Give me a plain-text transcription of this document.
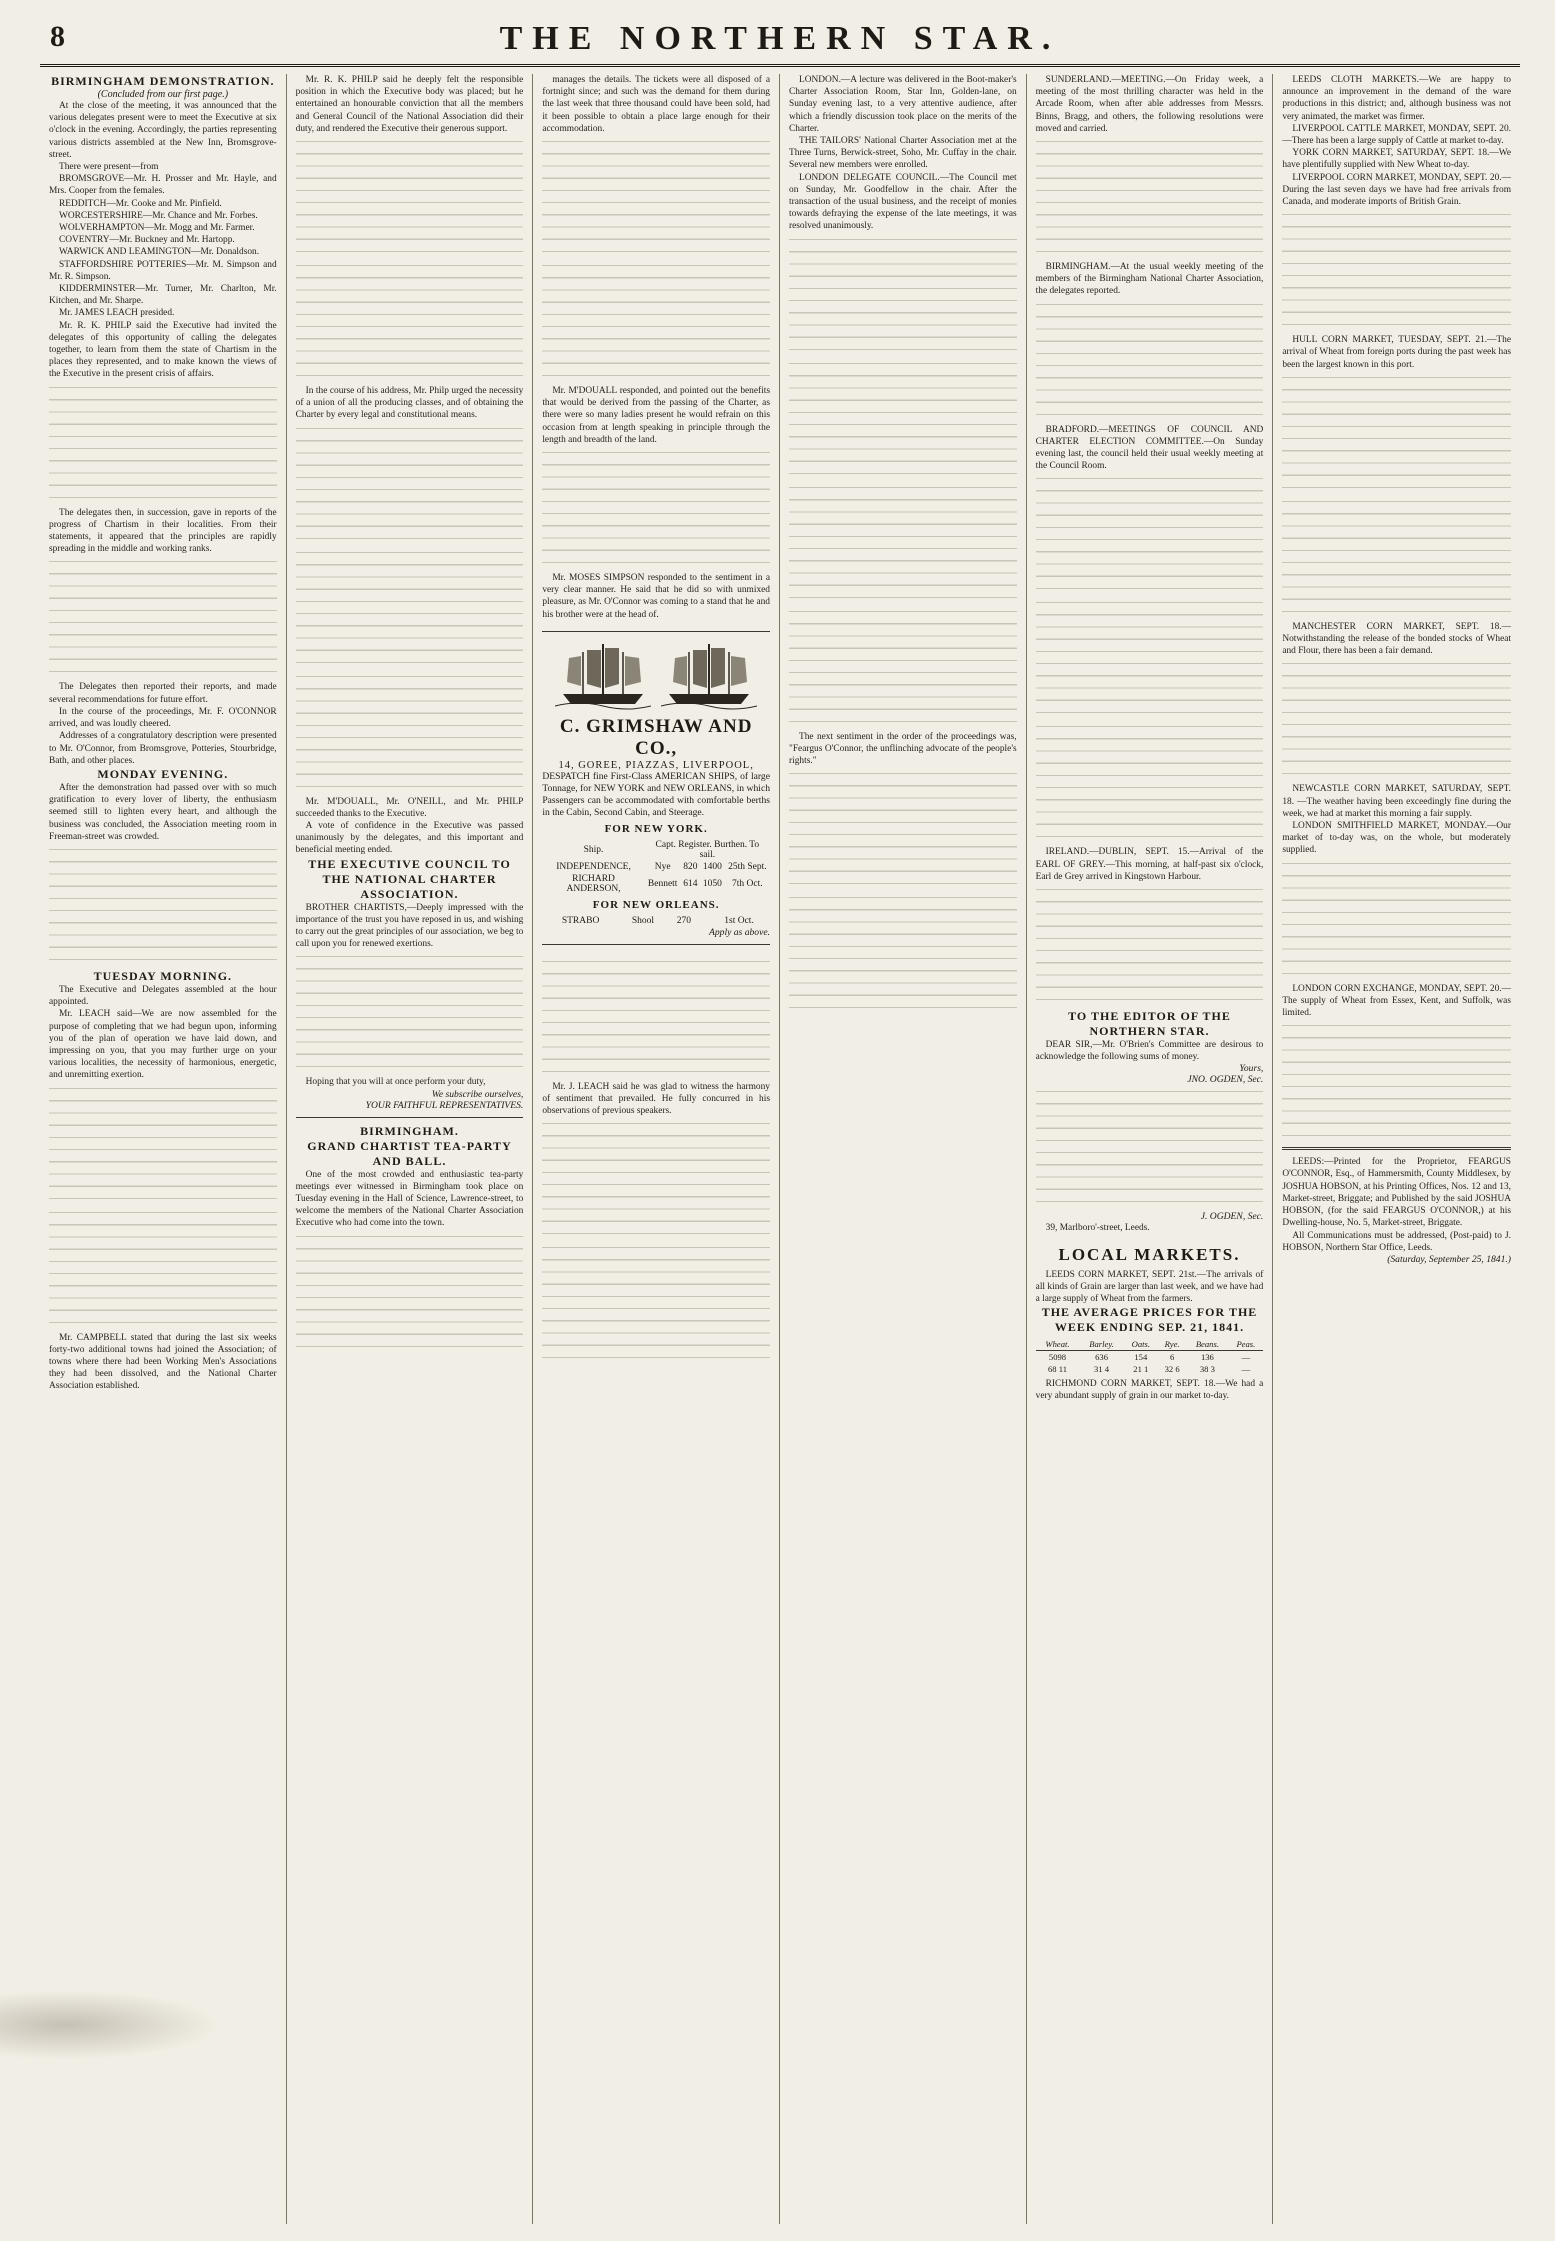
8	THE NORTHERN STAR.
BIRMINGHAM DEMONSTRATION.
(Concluded from our first page.)

At the close of the meeting, it was announced that the various delegates present were to meet the Executive at six o'clock in the evening. Accordingly, the parties representing various districts assembled at the New Inn, Bromsgrove-street.

There were present—from

BROMSGROVE—Mr. H. Prosser and Mr. Hayle, and Mrs. Cooper from the females.

REDDITCH—Mr. Cooke and Mr. Pinfield.

WORCESTERSHIRE—Mr. Chance and Mr. Forbes.

WOLVERHAMPTON—Mr. Mogg and Mr. Farmer.

COVENTRY—Mr. Buckney and Mr. Hartopp.

WARWICK AND LEAMINGTON—Mr. Donaldson.

STAFFORDSHIRE POTTERIES—Mr. M. Simpson and Mr. R. Simpson.

KIDDERMINSTER—Mr. Turner, Mr. Charlton, Mr. Kitchen, and Mr. Sharpe.

Mr. JAMES LEACH presided.

Mr. R. K. PHILP said the Executive had invited the delegates of this opportunity of calling the delegates together, to learn from them the state of Chartism in the places they represented, and to make known the views of the Executive in the present crisis of affairs.

The delegates then, in succession, gave in reports of the progress of Chartism in their localities. From their statements, it appeared that the principles are rapidly spreading in the middle and working ranks.

The Delegates then reported their reports, and made several recommendations for future effort.

In the course of the proceedings, Mr. F. O'CONNOR arrived, and was loudly cheered.

Addresses of a congratulatory description were presented to Mr. O'Connor, from Bromsgrove, Potteries, Stourbridge, Bath, and other places.

MONDAY EVENING.

After the demonstration had passed over with so much gratification to every lover of liberty, the enthusiasm seemed still to lighten every heart, and although the business was concluded, the Association meeting room in Freeman-street was crowded.

TUESDAY MORNING.

The Executive and Delegates assembled at the hour appointed.

Mr. LEACH said—We are now assembled for the purpose of completing that we had begun upon, informing you of the plan of operation we have laid down, and impressing on you, that you may further urge on your various localities, the necessity of harmonious, energetic, and unremitting exertion.

Mr. CAMPBELL stated that during the last six weeks forty-two additional towns had joined the Association; of towns where there had been Working Men's Associations they had been dissolved, and the National Charter Association established.

Mr. R. K. PHILP said he deeply felt the responsible position in which the Executive body was placed; but he entertained an honourable conviction that all the members and General Council of the National Association did their duty, and rendered the Executive their generous support.

In the course of his address, Mr. Philp urged the necessity of a union of all the producing classes, and of obtaining the Charter by every legal and constitutional means.

Mr. M'DOUALL, Mr. O'NEILL, and Mr. PHILP succeeded thanks to the Executive.

A vote of confidence in the Executive was passed unanimously by the delegates, and this important and beneficial meeting ended.

THE EXECUTIVE COUNCIL TO THE NATIONAL CHARTER ASSOCIATION.

BROTHER CHARTISTS,—Deeply impressed with the importance of the trust you have reposed in us, and wishing to carry out the great principles of our association, we beg to call upon you for renewed exertions.

Hoping that you will at once perform your duty,

We subscribe ourselves,
YOUR FAITHFUL REPRESENTATIVES.
BIRMINGHAM.
GRAND CHARTIST TEA-PARTY AND BALL.

One of the most crowded and enthusiastic tea-party meetings ever witnessed in Birmingham took place on Tuesday evening in the Hall of Science, Lawrence-street, to welcome the members of the National Charter Association Executive who had come into the town.

manages the details. The tickets were all disposed of a fortnight since; and such was the demand for them during the last week that three thousand could have been sold, had it been possible to obtain a place large enough for their accommodation.

Mr. M'DOUALL responded, and pointed out the benefits that would be derived from the passing of the Charter, as there were so many ladies present he would refrain on this occasion from at length speaking in principle through the length and breadth of the land.

Mr. MOSES SIMPSON responded to the sentiment in a very clear manner. He said that he did so with unmixed pleasure, as Mr. O'Connor was coming to a stand that he and his brother were at the head of.

C. GRIMSHAW AND CO.,
14, GOREE, PIAZZAS, LIVERPOOL,

DESPATCH fine First-Class AMERICAN SHIPS, of large Tonnage, for NEW YORK and NEW ORLEANS, in which Passengers can be accommodated with comfortable berths in the Cabin, Second Cabin, and Steerage.

FOR NEW YORK.
Ship.	Capt. Register. Burthen. To sail.			
INDEPENDENCE,	Nye	820	1400	25th Sept.
RICHARD ANDERSON,	Bennett	614	1050	7th Oct.
FOR NEW ORLEANS.
STRABO	Shool	270		1st Oct.
Apply as above.

Mr. J. LEACH said he was glad to witness the harmony of sentiment that prevailed. He fully concurred in his observations of previous speakers.

LONDON.—A lecture was delivered in the Boot-maker's Charter Association Room, Star Inn, Golden-lane, on Sunday evening last, to a very attentive audience, after which a friendly discussion took place on the merits of the Charter.

THE TAILORS' National Charter Association met at the Three Turns, Berwick-street, Soho, Mr. Cuffay in the chair. Several new members were enrolled.

LONDON DELEGATE COUNCIL.—The Council met on Sunday, Mr. Goodfellow in the chair. After the transaction of the usual business, and the receipt of monies towards defraying the expense of the late meetings, it was resolved unanimously.

The next sentiment in the order of the proceedings was, "Feargus O'Connor, the unflinching advocate of the people's rights."

SUNDERLAND.—MEETING.—On Friday week, a meeting of the most thrilling character was held in the Arcade Room, when after able addresses from Messrs. Binns, Bragg, and others, the following resolutions were moved and carried.

BIRMINGHAM.—At the usual weekly meeting of the members of the Birmingham National Charter Association, the delegates reported.

BRADFORD.—MEETINGS OF COUNCIL AND CHARTER ELECTION COMMITTEE.—On Sunday evening last, the council held their usual weekly meeting at the Council Room.

IRELAND.—DUBLIN, SEPT. 15.—Arrival of the EARL OF GREY.—This morning, at half-past six o'clock, Earl de Grey arrived in Kingstown Harbour.

TO THE EDITOR OF THE NORTHERN STAR.

DEAR SIR,—Mr. O'Brien's Committee are desirous to acknowledge the following sums of money.

Yours,
JNO. OGDEN, Sec.
J. OGDEN, Sec.

39, Marlboro'-street, Leeds.

LOCAL MARKETS.

LEEDS CORN MARKET, SEPT. 21st.—The arrivals of all kinds of Grain are larger than last week, and we have had a large supply of Wheat from the farmers.

THE AVERAGE PRICES FOR THE WEEK ENDING SEP. 21, 1841.
Wheat.	Barley.	Oats.	Rye.	Beans.	Peas.
5098	636	154	6	136	—
68 11	31 4	21 1	32 6	38 3	—

RICHMOND CORN MARKET, SEPT. 18.—We had a very abundant supply of grain in our market to-day.

LEEDS CLOTH MARKETS.—We are happy to announce an improvement in the demand of the ware productions in this district; and, although business was not very animated, the market was firmer.

LIVERPOOL CATTLE MARKET, MONDAY, SEPT. 20. —There has been a large supply of Cattle at market to-day.

YORK CORN MARKET, SATURDAY, SEPT. 18.—We have plentifully supplied with New Wheat to-day.

LIVERPOOL CORN MARKET, MONDAY, SEPT. 20.— During the last seven days we have had free arrivals from Canada, and moderate imports of British Grain.

HULL CORN MARKET, TUESDAY, SEPT. 21.—The arrival of Wheat from foreign ports during the past week has been the largest known in this port.

MANCHESTER CORN MARKET, SEPT. 18.—Notwithstanding the release of the bonded stocks of Wheat and Flour, there has been a fair demand.

NEWCASTLE CORN MARKET, SATURDAY, SEPT. 18. —The weather having been exceedingly fine during the week, we had at market this morning a fair supply.

LONDON SMITHFIELD MARKET, MONDAY.—Our market of to-day was, on the whole, but moderately supplied.

LONDON CORN EXCHANGE, MONDAY, SEPT. 20.— The supply of Wheat from Essex, Kent, and Suffolk, was limited.

LEEDS:—Printed for the Proprietor, FEARGUS O'CONNOR, Esq., of Hammersmith, County Middlesex, by JOSHUA HOBSON, at his Printing Offices, Nos. 12 and 13, Market-street, Briggate; and Published by the said JOSHUA HOBSON, (for the said FEARGUS O'CONNOR,) at his Dwelling-house, No. 5, Market-street, Briggate.

All Communications must be addressed, (Post-paid) to J. HOBSON, Northern Star Office, Leeds.

(Saturday, September 25, 1841.)
